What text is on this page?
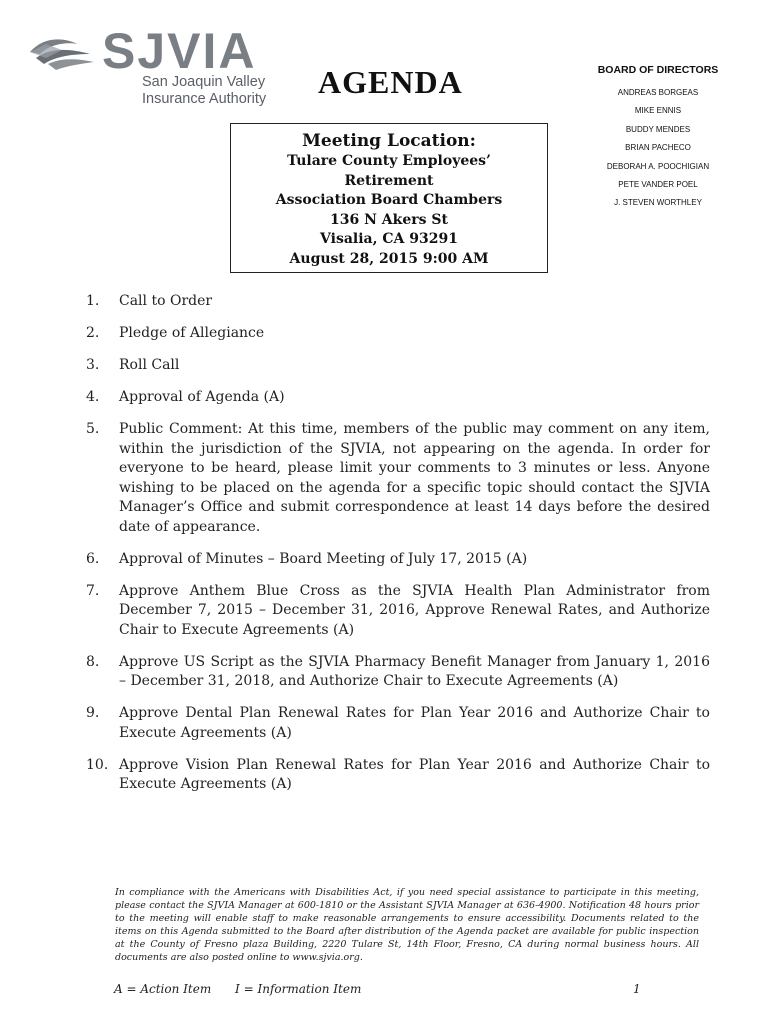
SJVIA
San Joaquin Valley
Insurance Authority AGENDA	BOARD OF DIRECTORS
ANDREAS BORGEAS
MIKE ENNIS
BUDDY MENDES
BRIAN PACHECO
DEBORAH A. POOCHIGIAN
PETE VANDER POEL
J. STEVEN WORTHLEY
Meeting Location:
Tulare County Employees’
Retirement
Association Board Chambers
136 N Akers St
Visalia, CA 93291
August 28, 2015 9:00 AM
1. Call to Order
2. Pledge of Allegiance
3. Roll Call
4. Approval of Agenda (A)
5. Public Comment: At this time, members of the public may comment on any item, within the jurisdiction of the SJVIA, not appearing on the agenda. In order for everyone to be heard, please limit your comments to 3 minutes or less. Anyone wishing to be placed on the agenda for a specific topic should contact the SJVIA Manager’s Office and submit correspondence at least 14 days before the desired date of appearance.
6. Approval of Minutes – Board Meeting of July 17, 2015 (A)
7. Approve Anthem Blue Cross as the SJVIA Health Plan Administrator from December 7, 2015 – December 31, 2016, Approve Renewal Rates, and Authorize Chair to Execute Agreements (A)
8. Approve US Script as the SJVIA Pharmacy Benefit Manager from January 1, 2016 – December 31, 2018, and Authorize Chair to Execute Agreements (A)
9. Approve Dental Plan Renewal Rates for Plan Year 2016 and Authorize Chair to Execute Agreements (A)
10. Approve Vision Plan Renewal Rates for Plan Year 2016 and Authorize Chair to Execute Agreements (A)
In compliance with the Americans with Disabilities Act, if you need special assistance to participate in this meeting, please contact the SJVIA Manager at 600-1810 or the Assistant SJVIA Manager at 636-4900. Notification 48 hours prior to the meeting will enable staff to make reasonable arrangements to ensure accessibility. Documents related to the items on this Agenda submitted to the Board after distribution of the Agenda packet are available for public inspection at the County of Fresno plaza Building, 2220 Tulare St, 14th Floor, Fresno, CA during normal business hours. All documents are also posted online to www.sjvia.org.
A = Action Item I = Information Item	1
